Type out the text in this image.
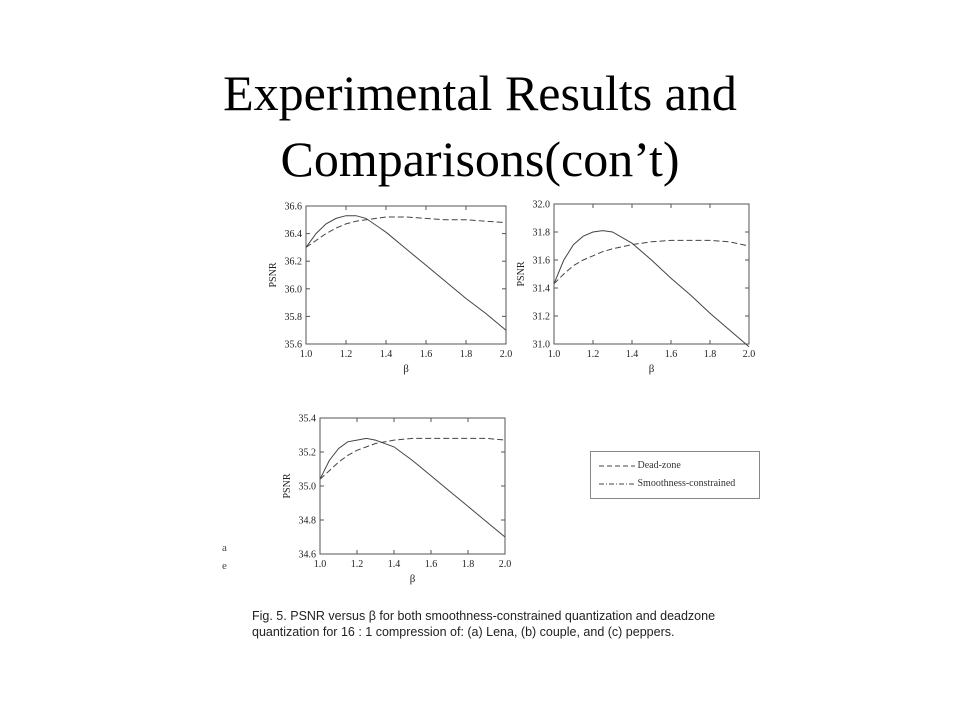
Experimental Results and
Comparisons(con’t)
1.0	1.2	1.4	1.6	1.8	2.0
35.6
35.8
36.0
36.2
36.4
36.6
β
PSNR
1.0	1.2	1.4	1.6	1.8	2.0
31.0
31.2
31.4
31.6
31.8
32.0
β
PSNR
1.0 1.2 1.4 1.6 1.8 2.0
34.6
34.8
35.0
35.2
35.4
β
PSNR
Dead-zone
Smoothness-constrained
a
e
Fig. 5. PSNR versus β for both smoothness-constrained quantization and deadzone quantization for 16 : 1 compression of: (a) Lena, (b) couple, and (c) peppers.
